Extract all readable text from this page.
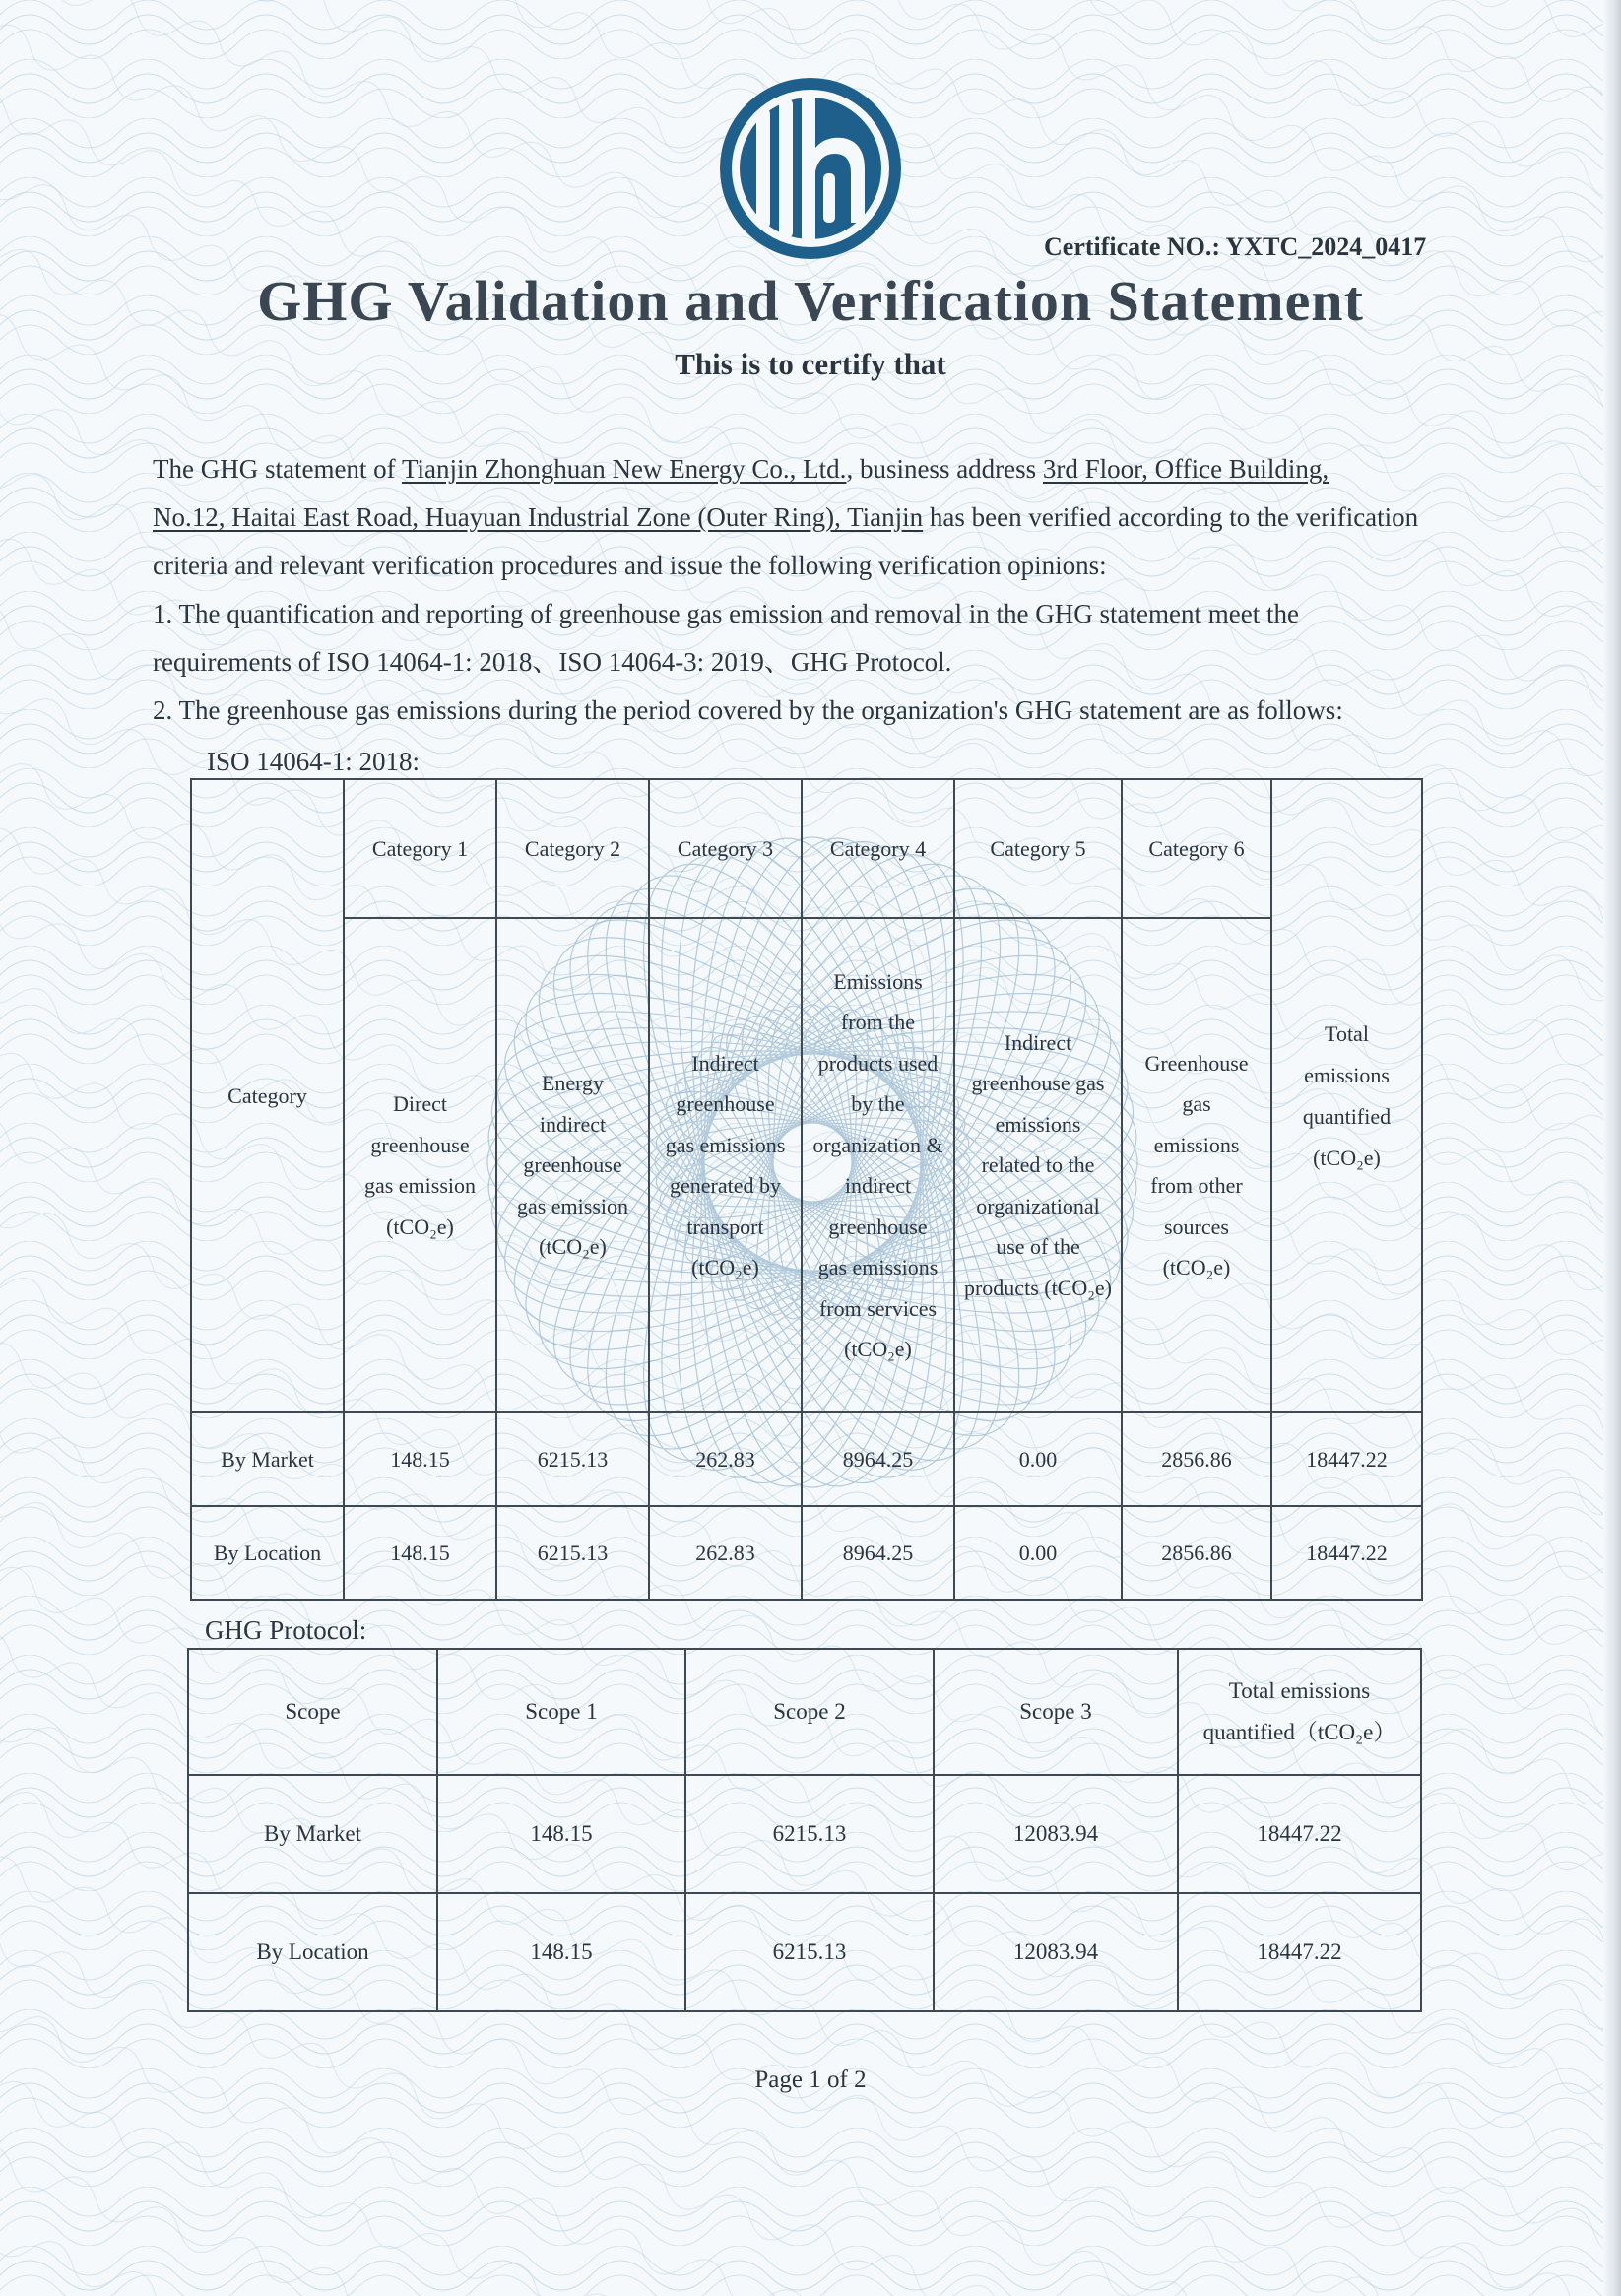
Certificate NO.: YXTC_2024_0417
GHG Validation and Verification Statement
This is to certify that

The GHG statement of Tianjin Zhonghuan New Energy Co., Ltd., business address 3rd Floor, Office Building,
No.12, Haitai East Road, Huayuan Industrial Zone (Outer Ring), Tianjin has been verified according to the verification criteria and relevant verification procedures and issue the following verification opinions:

1. The quantification and reporting of greenhouse gas emission and removal in the GHG statement meet the requirements of ISO 14064-1: 2018、ISO 14064-3: 2019、GHG Protocol.

2. The greenhouse gas emissions during the period covered by the organization's GHG statement are as follows:

ISO 14064-1: 2018:
Category	Category 1	Category 2	Category 3	Category 4	Category 5	Category 6	Total emissions quantified (tCO₂e)
	Direct greenhouse gas emission (tCO₂e)	Energy indirect greenhouse gas emission (tCO₂e)	Indirect greenhouse gas emissions generated by transport (tCO₂e)	Emissions from the products used by the organization & indirect greenhouse gas emissions from services (tCO₂e)	Indirect greenhouse gas emissions related to the organizational use of the products (tCO₂e)	Greenhouse gas emissions from other sources (tCO₂e)	
By Market	148.15	6215.13	262.83	8964.25	0.00	2856.86	18447.22
By Location	148.15	6215.13	262.83	8964.25	0.00	2856.86	18447.22
GHG Protocol:
Scope	Scope 1	Scope 2	Scope 3	Total emissions quantified（tCO₂e）
By Market	148.15	6215.13	12083.94	18447.22
By Location	148.15	6215.13	12083.94	18447.22
Page 1 of 2
